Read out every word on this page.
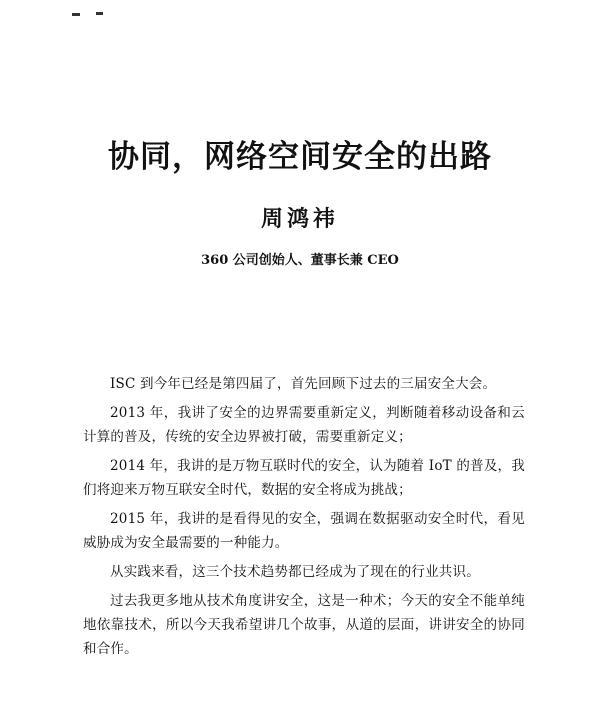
协同，网络空间安全的出路
周鸿祎
360 公司创始人、董事长兼 CEO

ISC 到今年已经是第四届了，首先回顾下过去的三届安全大会。

2013 年，我讲了安全的边界需要重新定义，判断随着移动设备和云计算的普及，传统的安全边界被打破，需要重新定义；

2014 年，我讲的是万物互联时代的安全，认为随着 IoT 的普及，我们将迎来万物互联安全时代，数据的安全将成为挑战；

2015 年，我讲的是看得见的安全，强调在数据驱动安全时代，看见威胁成为安全最需要的一种能力。

从实践来看，这三个技术趋势都已经成为了现在的行业共识。

过去我更多地从技术角度讲安全，这是一种术；今天的安全不能单纯地依靠技术，所以今天我希望讲几个故事，从道的层面，讲讲安全的协同和合作。
